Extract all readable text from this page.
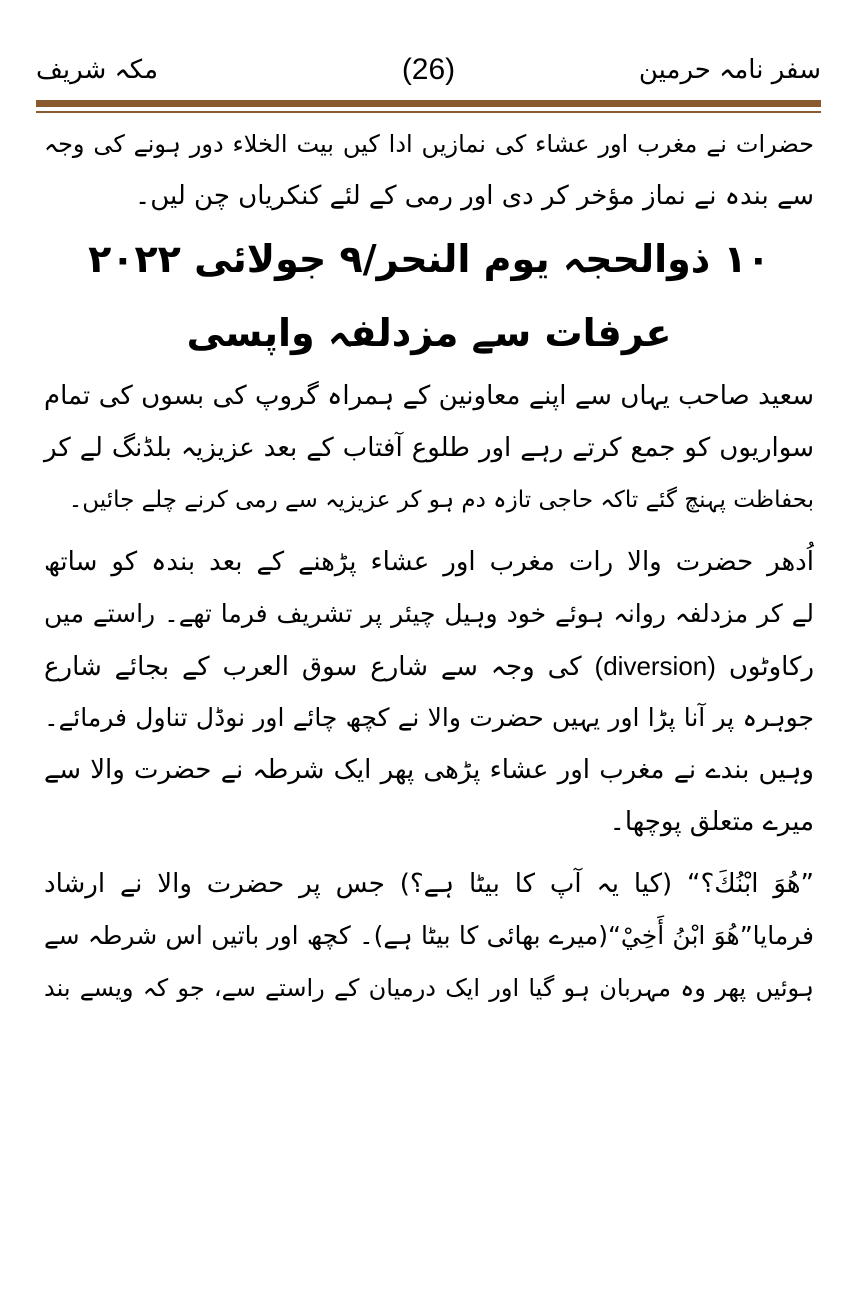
سفر نامہ حرمین
(26)
مکہ شریف
حضرات نے مغرب اور عشاء کی نمازیں ادا کیں بیت الخلاء دور ہونے کی وجہ
سے بندہ نے نماز مؤخر کر دی اور رمی کے لئے کنکریاں چن لیں۔
۱۰ ذوالحجہ یوم النحر/۹ جولائی ۲۰۲۲
عرفات سے مزدلفہ واپسی
سعید صاحب یہاں سے اپنے معاونین کے ہمراہ گروپ کی بسوں کی تمام
سواریوں کو جمع کرتے رہے اور طلوع آفتاب کے بعد عزیزیہ بلڈنگ لے کر
بحفاظت پہنچ گئے تاکہ حاجی تازہ دم ہو کر عزیزیہ سے رمی کرنے چلے جائیں۔
اُدھر حضرت والا رات مغرب اور عشاء پڑھنے کے بعد بندہ کو ساتھ
لے کر مزدلفہ روانہ ہوئے خود وہیل چیئر پر تشریف فرما تھے۔ راستے میں
رکاوٹوں (diversion) کی وجہ سے شارع سوق العرب کے بجائے شارع
جوہرہ پر آنا پڑا اور یہیں حضرت والا نے کچھ چائے اور نوڈل تناول فرمائے۔
وہیں بندے نے مغرب اور عشاء پڑھی پھر ایک شرطہ نے حضرت والا سے
میرے متعلق پوچھا۔
”هُوَ ابْنُكَ؟“ (کیا یہ آپ کا بیٹا ہے؟) جس پر حضرت والا نے ارشاد
فرمایا”هُوَ ابْنُ أَخِيْ“(میرے بھائی کا بیٹا ہے)۔ کچھ اور باتیں اس شرطہ سے
ہوئیں پھر وہ مہربان ہو گیا اور ایک درمیان کے راستے سے، جو کہ ویسے بند
